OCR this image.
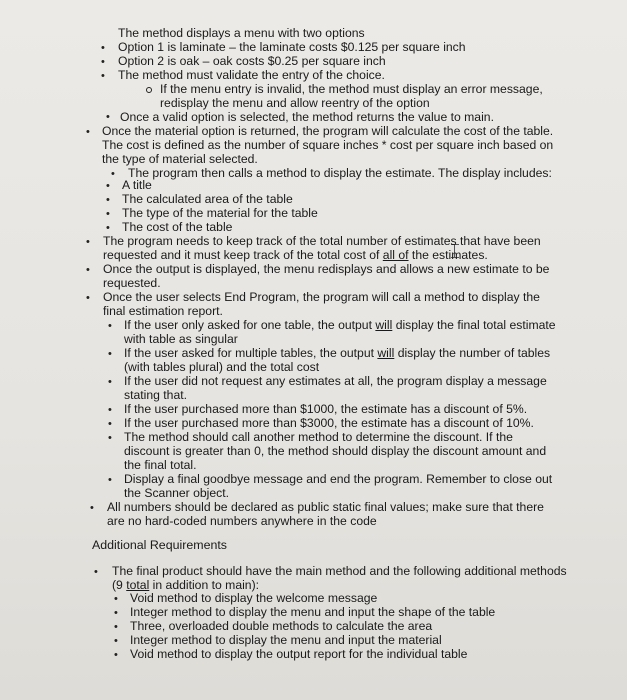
The method displays a menu with two options
• Option 1 is laminate – the laminate costs $0.125 per square inch
• Option 2 is oak – oak costs $0.25 per square inch
• The method must validate the entry of the choice.
If the menu entry is invalid, the method must display an error message,
redisplay the menu and allow reentry of the option
• Once a valid option is selected, the method returns the value to main.
• Once the material option is returned, the program will calculate the cost of the table.
The cost is defined as the number of square inches * cost per square inch based on
the type of material selected.
• The program then calls a method to display the estimate. The display includes:
• A title
• The calculated area of the table
• The type of the material for the table
• The cost of the table
• The program needs to keep track of the total number of estimates that have been
requested and it must keep track of the total cost of all of the estimates.
• Once the output is displayed, the menu redisplays and allows a new estimate to be
requested.
• Once the user selects End Program, the program will call a method to display the
final estimation report.
• If the user only asked for one table, the output will display the final total estimate
with table as singular
• If the user asked for multiple tables, the output will display the number of tables
(with tables plural) and the total cost
• If the user did not request any estimates at all, the program display a message
stating that.
• If the user purchased more than $1000, the estimate has a discount of 5%.
• If the user purchased more than $3000, the estimate has a discount of 10%.
• The method should call another method to determine the discount. If the
discount is greater than 0, the method should display the discount amount and
the final total.
• Display a final goodbye message and end the program. Remember to close out
the Scanner object.
• All numbers should be declared as public static final values; make sure that there
are no hard-coded numbers anywhere in the code
Additional Requirements
• The final product should have the main method and the following additional methods
(9 total in addition to main):
• Void method to display the welcome message
• Integer method to display the menu and input the shape of the table
• Three, overloaded double methods to calculate the area
• Integer method to display the menu and input the material
• Void method to display the output report for the individual table
